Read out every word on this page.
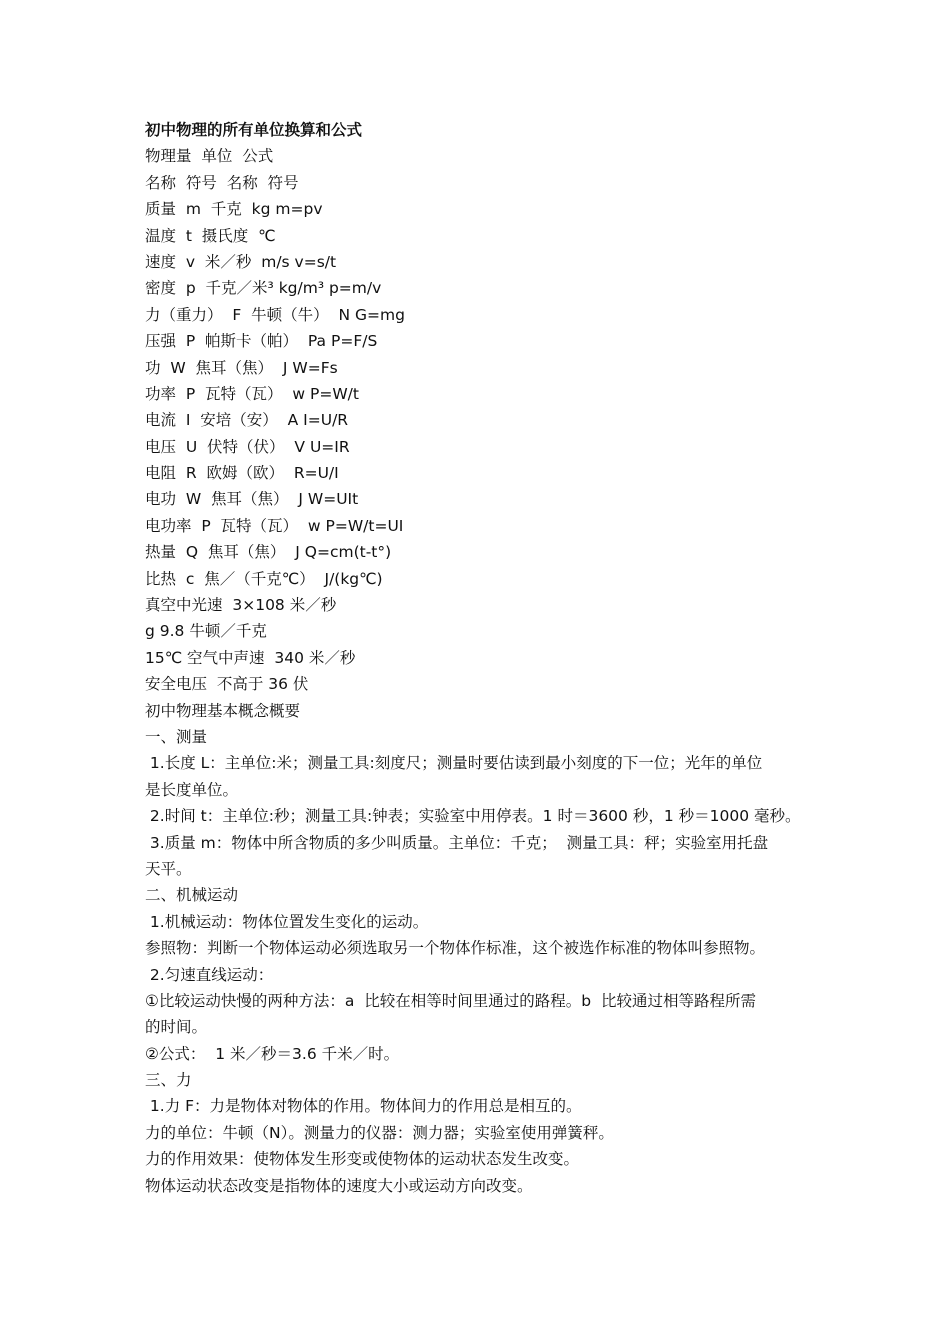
初中物理的所有单位换算和公式
物理量  单位  公式
名称  符号  名称  符号
质量  m  千克  kg m=pv
温度  t  摄氏度  ℃
速度  v  米／秒  m/s v=s/t
密度  p  千克／米³ kg/m³ p=m/v
力（重力）  F  牛顿（牛）  N G=mg
压强  P  帕斯卡（帕）  Pa P=F/S
功  W  焦耳（焦）  J W=Fs
功率  P  瓦特（瓦）  w P=W/t
电流  I  安培（安）  A I=U/R
电压  U  伏特（伏）  V U=IR
电阻  R  欧姆（欧）  R=U/I
电功  W  焦耳（焦）  J W=UIt
电功率  P  瓦特（瓦）  w P=W/t=UI
热量  Q  焦耳（焦）  J Q=cm(t-t°)
比热  c  焦／（千克℃）  J/(kg℃)
真空中光速  3×108 米／秒
g 9.8 牛顿／千克
15℃ 空气中声速  340 米／秒
安全电压  不高于 36 伏
初中物理基本概念概要
一、测量
1.长度 L：主单位:米；测量工具:刻度尺；测量时要估读到最小刻度的下一位；光年的单位
是长度单位。
2.时间 t：主单位:秒；测量工具:钟表；实验室中用停表。1 时＝3600 秒，1 秒＝1000 毫秒。
3.质量 m：物体中所含物质的多少叫质量。主单位：千克；  测量工具：秤；实验室用托盘
天平。
二、机械运动
1.机械运动：物体位置发生变化的运动。
参照物：判断一个物体运动必须选取另一个物体作标准，这个被选作标准的物体叫参照物。
2.匀速直线运动：
①比较运动快慢的两种方法：a  比较在相等时间里通过的路程。b  比较通过相等路程所需
的时间。
②公式：  1 米／秒＝3.6 千米／时。
三、力
1.力 F：力是物体对物体的作用。物体间力的作用总是相互的。
力的单位：牛顿（N）。测量力的仪器：测力器；实验室使用弹簧秤。
力的作用效果：使物体发生形变或使物体的运动状态发生改变。
物体运动状态改变是指物体的速度大小或运动方向改变。
